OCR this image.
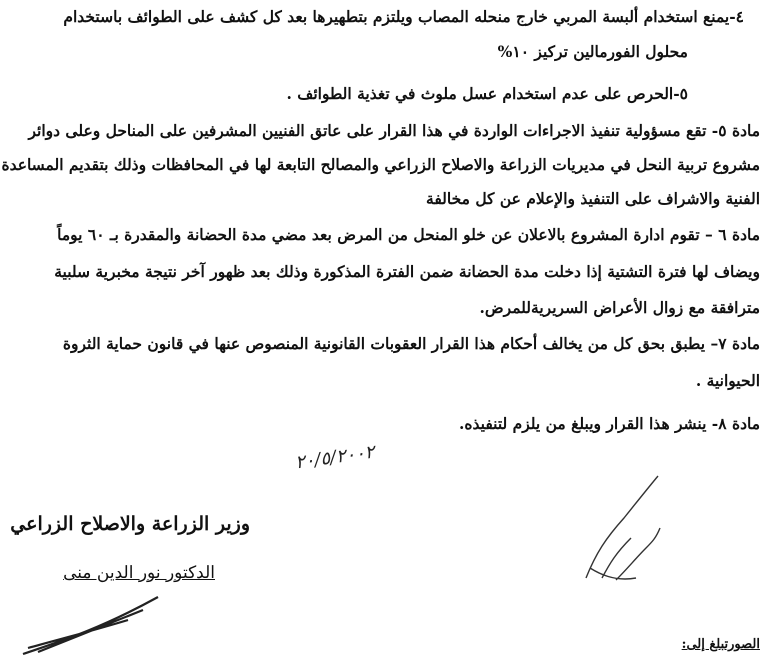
٤-يمنع استخدام ألبسة المربي خارج منحله المصاب ويلتزم بتطهيرها بعد كل كشف على الطوائف باستخدام
محلول الفورمالين تركيز ١٠%
٥-الحرص على عدم استخدام عسل ملوث في تغذية الطوائف .
مادة ٥- تقع مسؤولية تنفيذ الاجراءات الواردة في هذا القرار على عاتق الفنيين المشرفين على المناحل وعلى دوائر
مشروع تربية النحل في مديريات الزراعة والاصلاح الزراعي والمصالح التابعة لها في المحافظات وذلك بتقديم المساعدة
الفنية والاشراف على التنفيذ والإعلام عن كل مخالفة
مادة ٦ – تقوم ادارة المشروع بالاعلان عن خلو المنحل من المرض بعد مضي مدة الحضانة والمقدرة بـ ٦٠ يوماً
ويضاف لها فترة التشتية إذا دخلت مدة الحضانة ضمن الفترة المذكورة وذلك بعد ظهور آخر نتيجة مخبرية سلبية
مترافقة مع زوال الأعراض السريريةللمرض.
مادة ٧– يطبق بحق كل من يخالف أحكام هذا القرار العقوبات القانونية المنصوص عنها في قانون حماية الثروة
الحيوانية .
مادة ٨- ينشر هذا القرار ويبلغ من يلزم لتنفيذه.
٢٠/٥/٢٠٠٢
وزير الزراعة والاصلاح الزراعي
الدكتور نور الدين منى
الصورتبلغ إلى:
